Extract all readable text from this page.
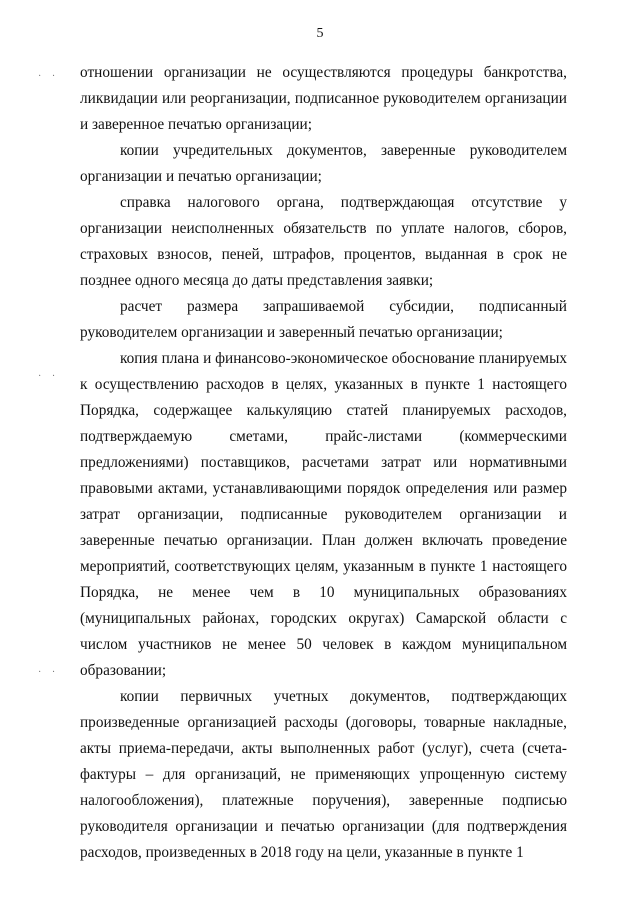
5
· ·
· ·
· ·

отношении организации не осуществляются процедуры банкротства, ликвидации или реорганизации, подписанное руководителем организации и заверенное печатью организации;

копии учредительных документов, заверенные руководителем организации и печатью организации;

справка налогового органа, подтверждающая отсутствие у организации неисполненных обязательств по уплате налогов, сборов, страховых взносов, пеней, штрафов, процентов, выданная в срок не позднее одного месяца до даты представления заявки;

расчет размера запрашиваемой субсидии, подписанный руководителем организации и заверенный печатью организации;

копия плана и финансово-экономическое обоснование планируемых к осуществлению расходов в целях, указанных в пункте 1 настоящего Порядка, содержащее калькуляцию статей планируемых расходов, подтверждаемую сметами, прайс-листами (коммерческими предложениями) поставщиков, расчетами затрат или нормативными правовыми актами, устанавливающими порядок определения или размер затрат организации, подписанные руководителем организации и заверенные печатью организации. План должен включать проведение мероприятий, соответствующих целям, указанным в пункте 1 настоящего Порядка, не менее чем в 10 муниципальных образованиях (муниципальных районах, городских округах) Самарской области с числом участников не менее 50 человек в каждом муниципальном образовании;

копии первичных учетных документов, подтверждающих произведенные организацией расходы (договоры, товарные накладные, акты приема-передачи, акты выполненных работ (услуг), счета (счета-фактуры – для организаций, не применяющих упрощенную систему налогообложения), платежные поручения), заверенные подписью руководителя организации и печатью организации (для подтверждения расходов, произведенных в 2018 году на цели, указанные в пункте 1
